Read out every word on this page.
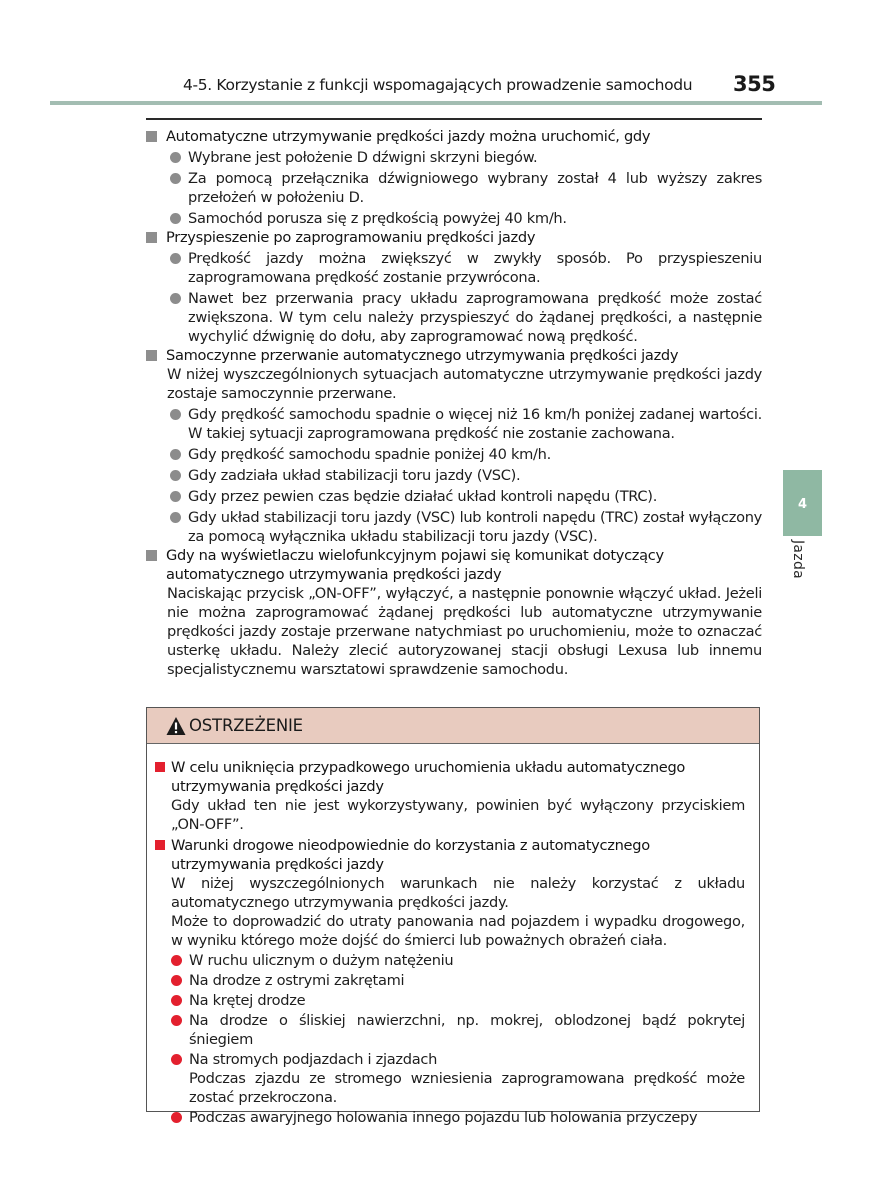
4-5. Korzystanie z funkcji wspomagających prowadzenie samochodu 355
Automatyczne utrzymywanie prędkości jazdy można uruchomić, gdy
Wybrane jest położenie D dźwigni skrzyni biegów.
Za pomocą przełącznika dźwigniowego wybrany został 4 lub wyższy zakres przełożeń w położeniu D.
Samochód porusza się z prędkością powyżej 40 km/h.
Przyspieszenie po zaprogramowaniu prędkości jazdy
Prędkość jazdy można zwiększyć w zwykły sposób. Po przyspieszeniu zaprogramowana prędkość zostanie przywrócona.
Nawet bez przerwania pracy układu zaprogramowana prędkość może zostać zwiększona. W tym celu należy przyspieszyć do żądanej prędkości, a następnie wychylić dźwignię do dołu, aby zaprogramować nową prędkość.
Samoczynne przerwanie automatycznego utrzymywania prędkości jazdy
W niżej wyszczególnionych sytuacjach automatyczne utrzymywanie prędkości jazdy zostaje samoczynnie przerwane.
Gdy prędkość samochodu spadnie o więcej niż 16 km/h poniżej zadanej wartości. W takiej sytuacji zaprogramowana prędkość nie zostanie zachowana.
Gdy prędkość samochodu spadnie poniżej 40 km/h.
Gdy zadziała układ stabilizacji toru jazdy (VSC).
Gdy przez pewien czas będzie działać układ kontroli napędu (TRC).
Gdy układ stabilizacji toru jazdy (VSC) lub kontroli napędu (TRC) został wyłączony za pomocą wyłącznika układu stabilizacji toru jazdy (VSC).
Gdy na wyświetlaczu wielofunkcyjnym pojawi się komunikat dotyczący automatycznego utrzymywania prędkości jazdy
Naciskając przycisk „ON-OFF”, wyłączyć, a następnie ponownie włączyć układ. Jeżeli nie można zaprogramować żądanej prędkości lub automatyczne utrzymywanie prędkości jazdy zostaje przerwane natychmiast po uruchomieniu, może to oznaczać usterkę układu. Należy zlecić autoryzowanej stacji obsługi Lexusa lub innemu specjalistycznemu warsztatowi sprawdzenie samochodu.
OSTRZEŻENIE
W celu uniknięcia przypadkowego uruchomienia układu automatycznego utrzymywania prędkości jazdy
Gdy układ ten nie jest wykorzystywany, powinien być wyłączony przyciskiem „ON-OFF”.
Warunki drogowe nieodpowiednie do korzystania z automatycznego utrzymywania prędkości jazdy
W niżej wyszczególnionych warunkach nie należy korzystać z układu automatycznego utrzymywania prędkości jazdy.
Może to doprowadzić do utraty panowania nad pojazdem i wypadku drogowego, w wyniku którego może dojść do śmierci lub poważnych obrażeń ciała.
W ruchu ulicznym o dużym natężeniu
Na drodze z ostrymi zakrętami
Na krętej drodze
Na drodze o śliskiej nawierzchni, np. mokrej, oblodzonej bądź pokrytej śniegiem
Na stromych podjazdach i zjazdach
Podczas zjazdu ze stromego wzniesienia zaprogramowana prędkość może zostać przekroczona.
Podczas awaryjnego holowania innego pojazdu lub holowania przyczepy
4
Jazda
